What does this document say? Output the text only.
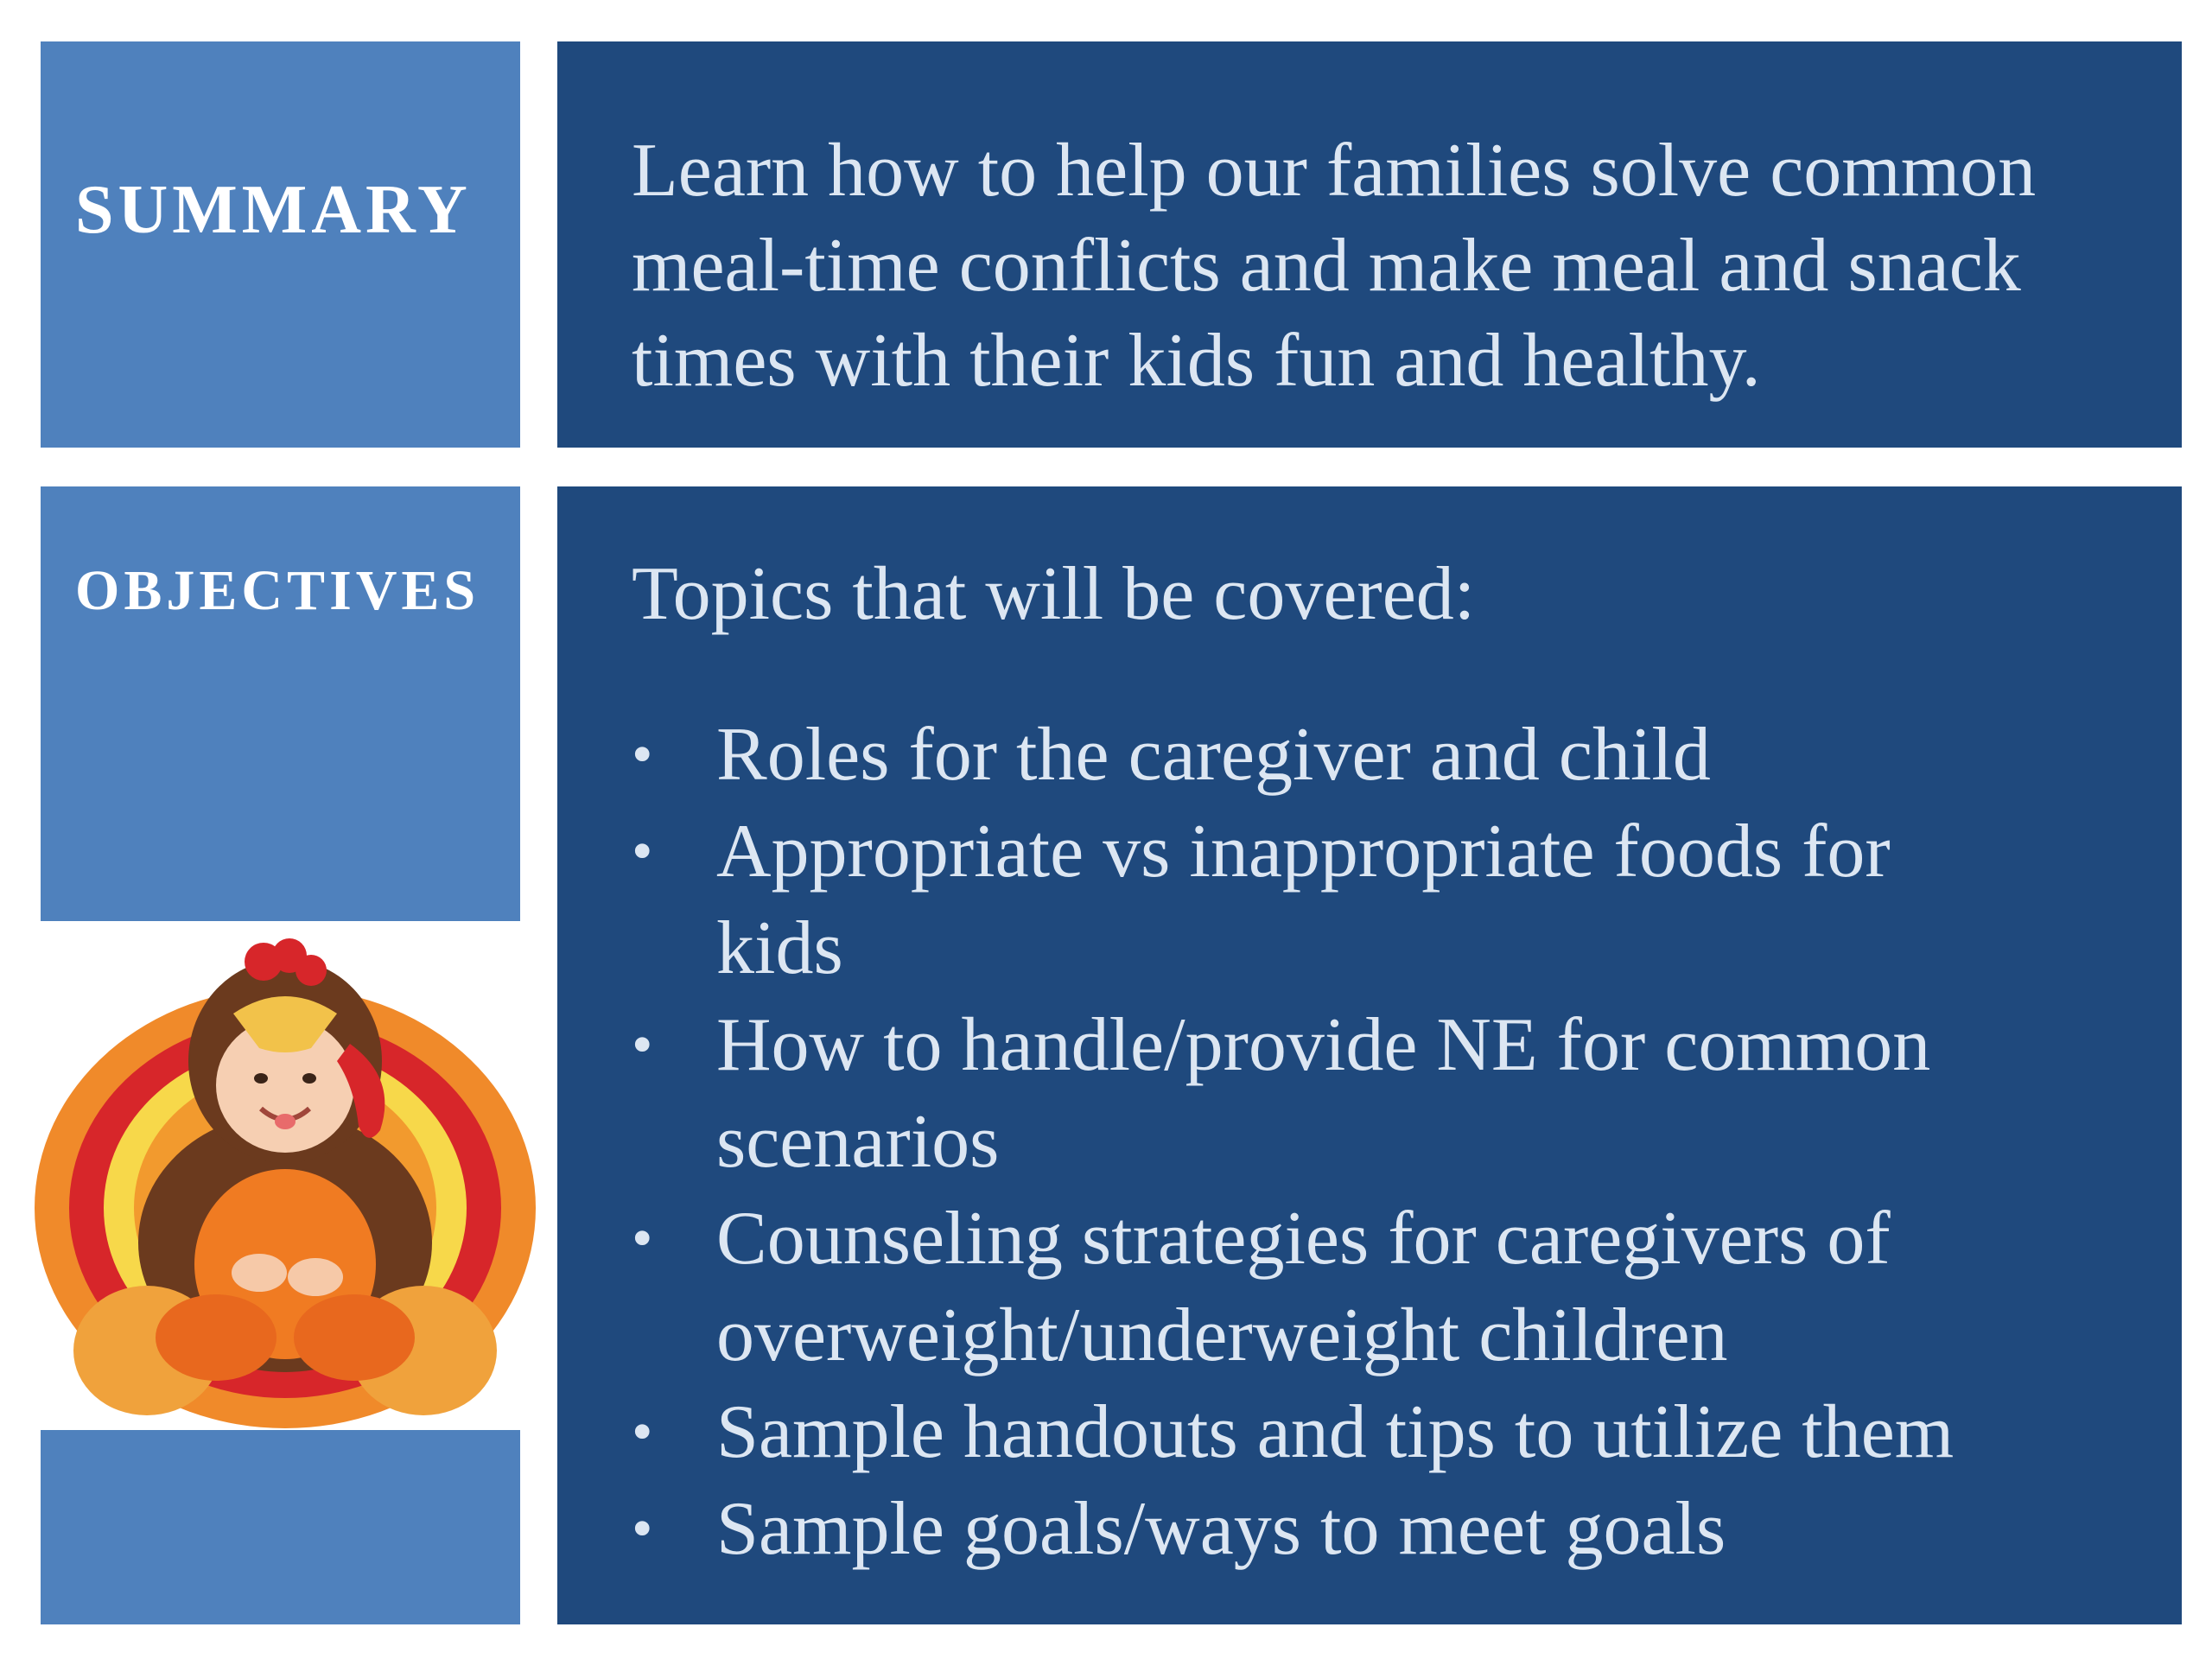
SUMMARY Learn how to help our families solve common meal-time conflicts and make meal and snack times with their kids fun and healthy.
OBJECTIVES Topics that will be covered:
• Roles for the caregiver and child
• Appropriate vs inappropriate foods for kids
• How to handle/provide NE for common scenarios
• Counseling strategies for caregivers of overweight/underweight children
• Sample handouts and tips to utilize them
• Sample goals/ways to meet goals
